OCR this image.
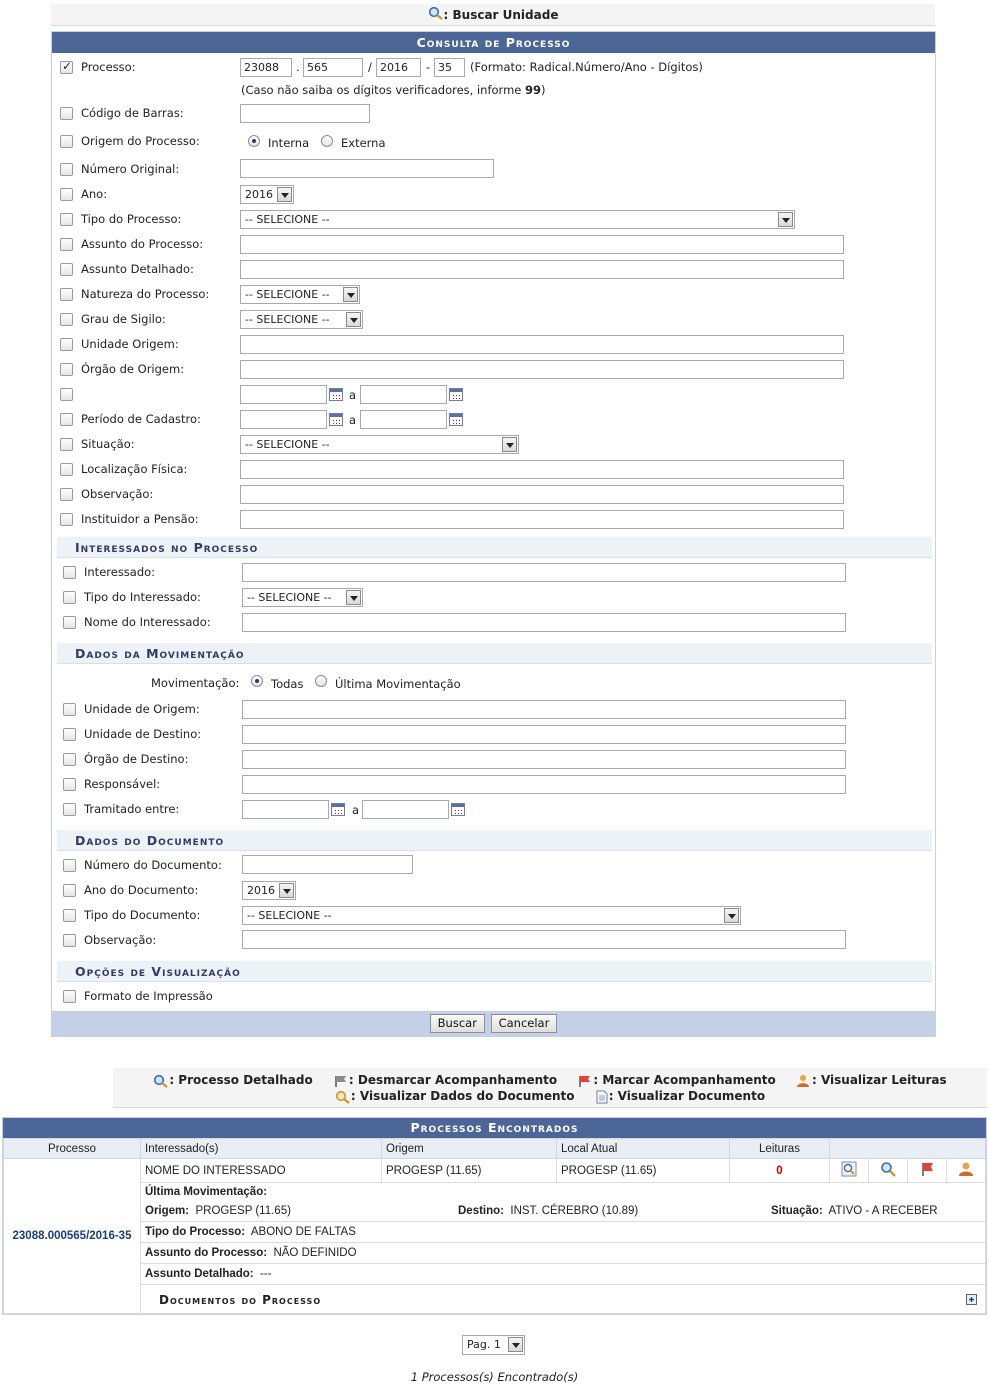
: Buscar Unidade
Consulta de Processo
✓
Processo:	23088	. 565	/ 2016	- 35	(Formato: Radical.Número/Ano - Dígitos)
(Caso não saiba os dígitos verificadores, informe 99)
Código de Barras:
Origem do Processo:	Interna	Externa
Número Original:
Ano:	2016
Tipo do Processo:	-- SELECIONE --
Assunto do Processo:
Assunto Detalhado:
Natureza do Processo:	-- SELECIONE --
Grau de Sigilo:	-- SELECIONE --
Unidade Origem:
Órgão de Origem:
a
Período de Cadastro:	a
Situação:	-- SELECIONE --
Localização Física:
Observação:
Instituidor a Pensão:
Interessados no Processo
Interessado:
Tipo do Interessado:	-- SELECIONE --
Nome do Interessado:
Dados da Movimentação
Movimentação:	Todas	Última Movimentação
Unidade de Origem:
Unidade de Destino:
Órgão de Destino:
Responsável:
Tramitado entre:	a
Dados do Documento
Número do Documento:
Ano do Documento:	2016
Tipo do Documento:	-- SELECIONE --
Observação:
Opções de Visualização
Formato de Impressão
Buscar Cancelar
: Processo Detalhado	: Desmarcar Acompanhamento	: Marcar Acompanhamento	: Visualizar Leituras
: Visualizar Dados do Documento	: Visualizar Documento
Processos Encontrados
Processo	Interessado(s)	Origem	Local Atual	Leituras				
23088.000565/2016-35	NOME DO INTERESSADO	PROGESP (11.65)	PROGESP (11.65)	0				
	Última Movimentação:							

	Origem: PROGESP (11.65) Destino: INST. CÉREBRO (10.89) Situação: ATIVO - A RECEBER							

	Tipo do Processo: ABONO DE FALTAS							
	Assunto do Processo: NÃO DEFINIDO							
	Assunto Detalhado: ---							

	Documentos do Processo							
Pag. 1
1 Processos(s) Encontrado(s)
